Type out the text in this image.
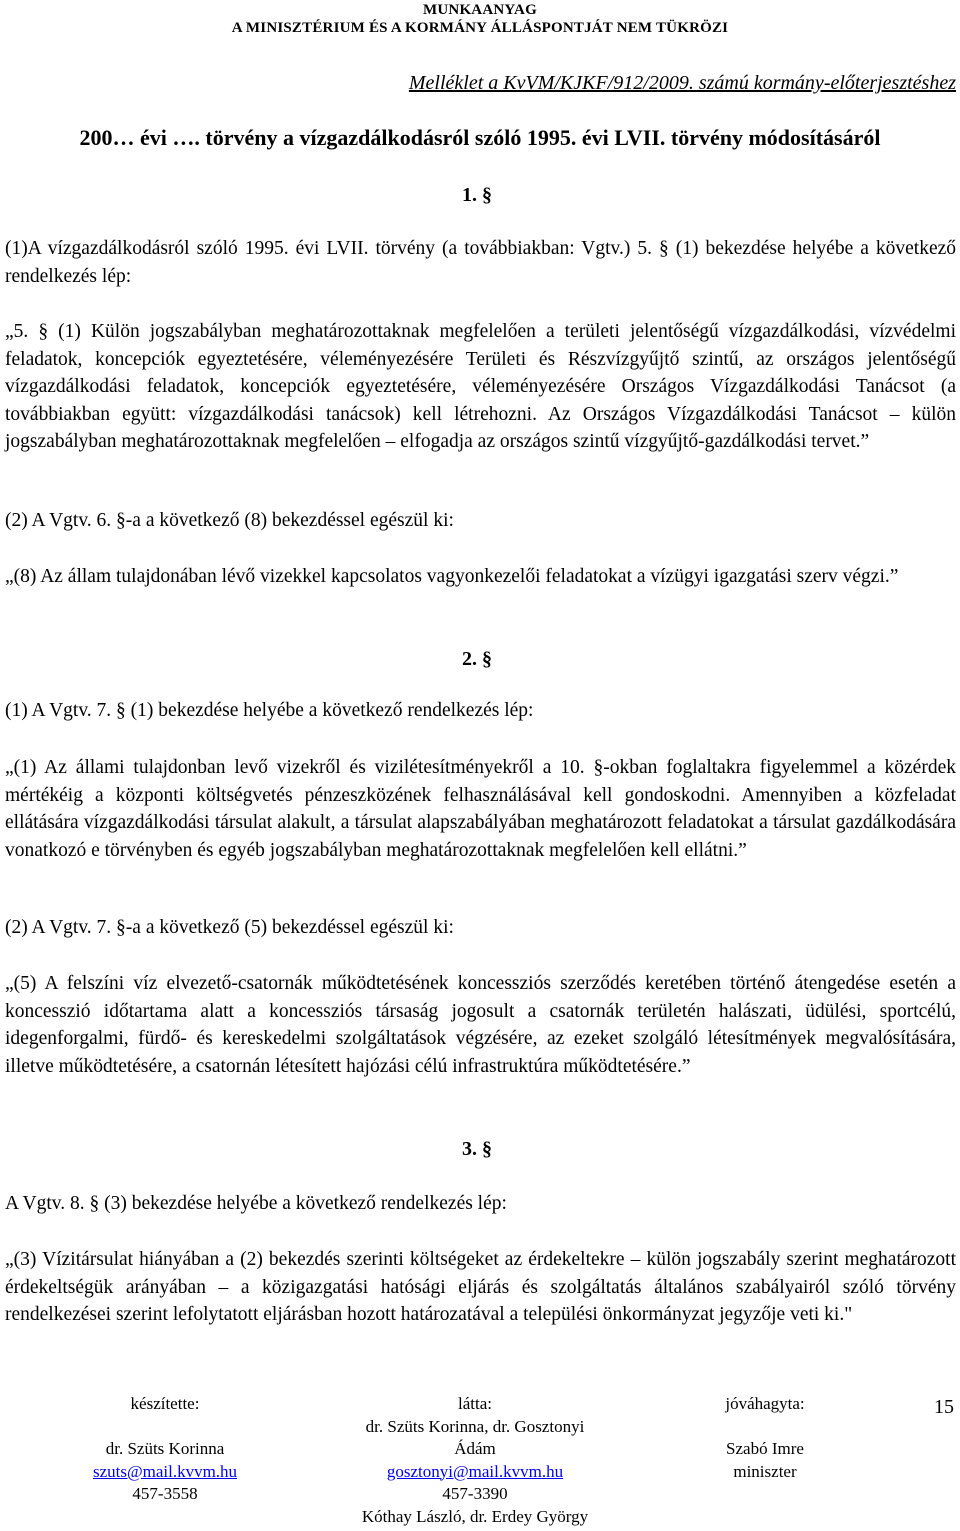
MUNKAANYAG
A MINISZTÉRIUM ÉS A KORMÁNY ÁLLÁSPONTJÁT NEM TÜKRÖZI
Melléklet a KvVM/KJKF/912/2009. számú kormány-előterjesztéshez
200… évi …. törvény a vízgazdálkodásról szóló 1995. évi LVII. törvény módosításáról
1. §

(1)A vízgazdálkodásról szóló 1995. évi LVII. törvény (a továbbiakban: Vgtv.) 5. § (1) bekezdése helyébe a következő rendelkezés lép:

„5. § (1) Külön jogszabályban meghatározottaknak megfelelően a területi jelentőségű vízgazdálkodási, vízvédelmi feladatok, koncepciók egyeztetésére, véleményezésére Területi és Részvízgyűjtő szintű, az országos jelentőségű vízgazdálkodási feladatok, koncepciók egyeztetésére, véleményezésére Országos Vízgazdálkodási Tanácsot (a továbbiakban együtt: vízgazdálkodási tanácsok) kell létrehozni. Az Országos Vízgazdálkodási Tanácsot – külön jogszabályban meghatározottaknak megfelelően – elfogadja az országos szintű vízgyűjtő-gazdálkodási tervet.”

(2) A Vgtv. 6. §-a a következő (8) bekezdéssel egészül ki:

„(8) Az állam tulajdonában lévő vizekkel kapcsolatos vagyonkezelői feladatokat a vízügyi igazgatási szerv végzi.”

2. §
(1) A Vgtv. 7. § (1) bekezdése helyébe a következő rendelkezés lép:

„(1) Az állami tulajdonban levő vizekről és vizilétesítményekről a 10. §-okban foglaltakra figyelemmel a közérdek mértékéig a központi költségvetés pénzeszközének felhasználásával kell gondoskodni. Amennyiben a közfeladat ellátására vízgazdálkodási társulat alakult, a társulat alapszabályában meghatározott feladatokat a társulat gazdálkodására vonatkozó e törvényben és egyéb jogszabályban meghatározottaknak megfelelően kell ellátni.”

(2) A Vgtv. 7. §-a a következő (5) bekezdéssel egészül ki:

„(5) A felszíni víz elvezető-csatornák működtetésének koncessziós szerződés keretében történő átengedése esetén a koncesszió időtartama alatt a koncessziós társaság jogosult a csatornák területén halászati, üdülési, sportcélú, idegenforgalmi, fürdő- és kereskedelmi szolgáltatások végzésére, az ezeket szolgáló létesítmények megvalósítására, illetve működtetésére, a csatornán létesített hajózási célú infrastruktúra működtetésére.”

3. §
A Vgtv. 8. § (3) bekezdése helyébe a következő rendelkezés lép:

„(3) Vízitársulat hiányában a (2) bekezdés szerinti költségeket az érdekeltekre – külön jogszabály szerint meghatározott érdekeltségük arányában – a közigazgatási hatósági eljárás és szolgáltatás általános szabályairól szóló törvény rendelkezései szerint lefolytatott eljárásban hozott határozatával a települési önkormányzat jegyzője veti ki."

készítette:
dr. Szüts Korinna
szuts@mail.kvvm.hu
457-3558
látta:
dr. Szüts Korinna, dr. Gosztonyi
Ádám
gosztonyi@mail.kvvm.hu
457-3390
Kóthay László, dr. Erdey György
jóváhagyta:
Szabó Imre
miniszter
15
